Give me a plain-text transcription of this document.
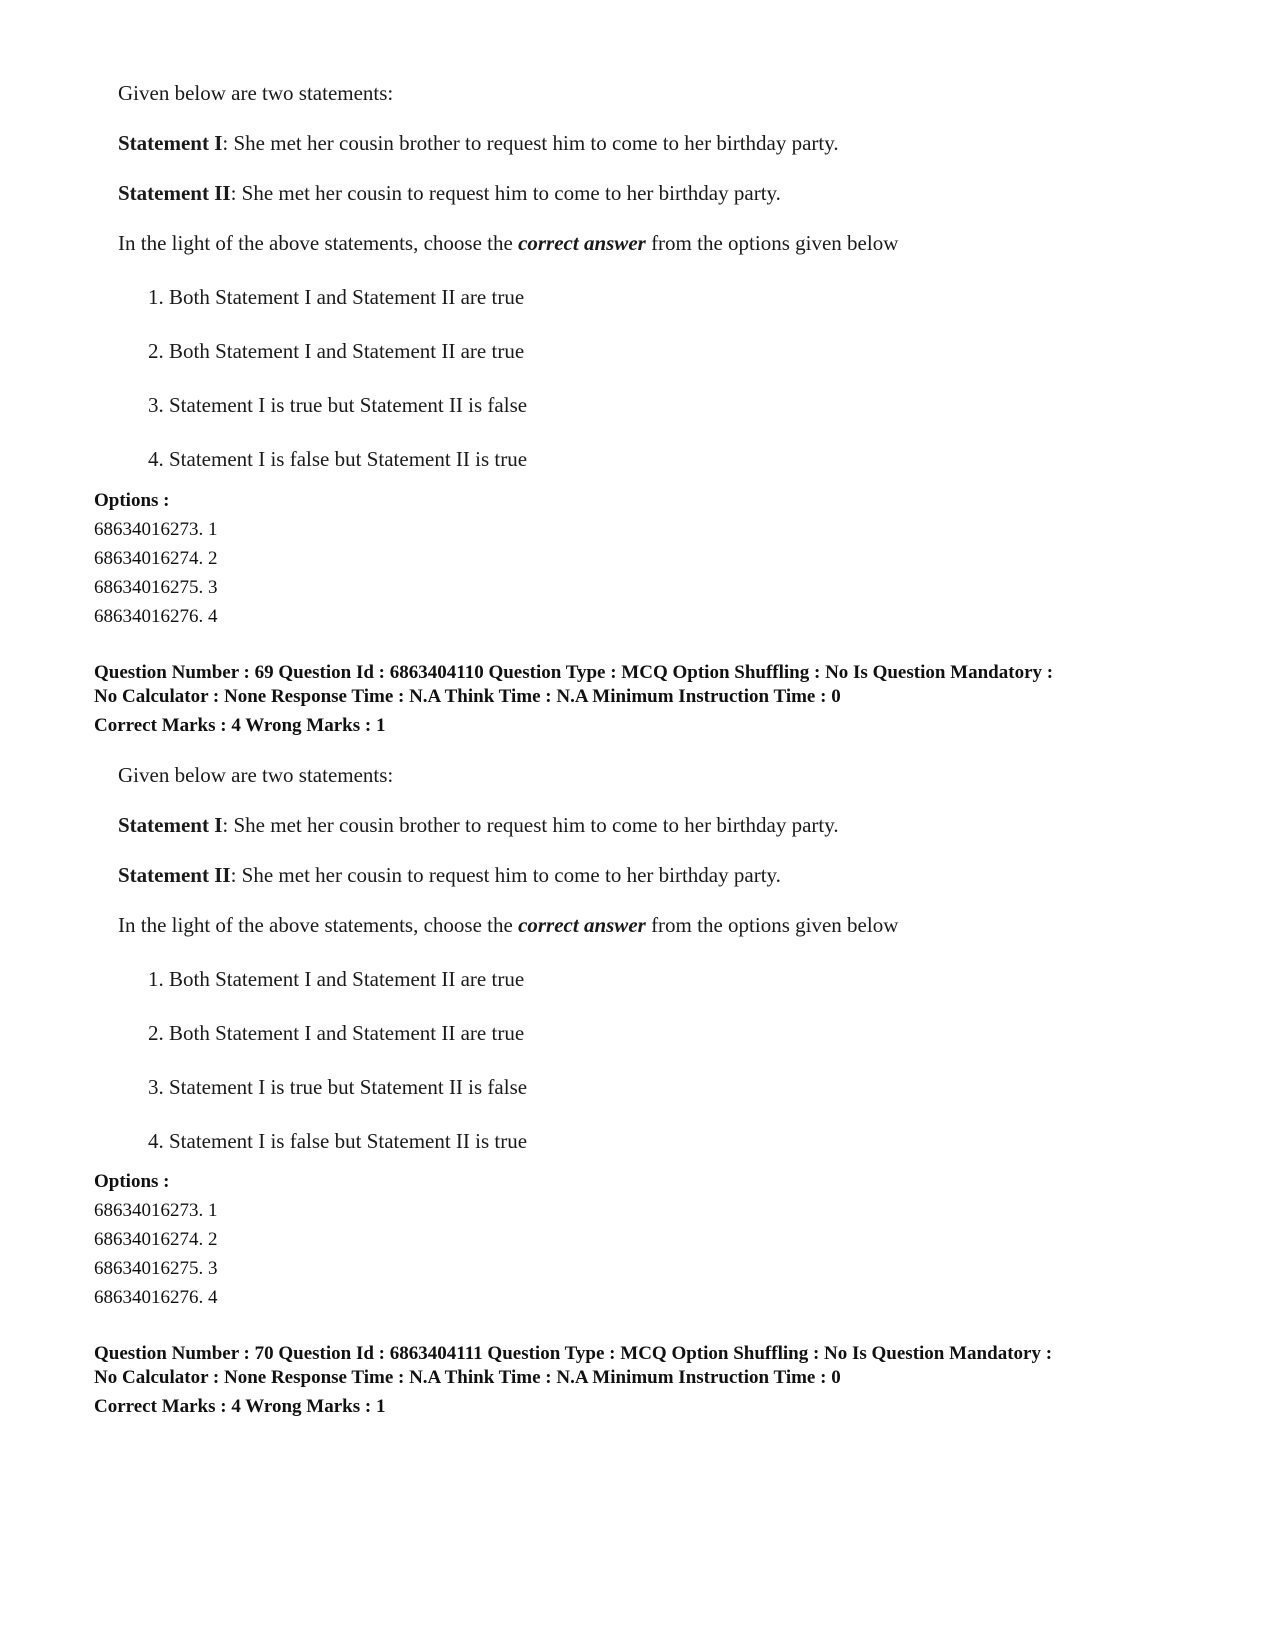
Given below are two statements:

Statement I: She met her cousin brother to request him to come to her birthday party.

Statement II: She met her cousin to request him to come to her birthday party.

In the light of the above statements, choose the correct answer from the options given below

1. Both Statement I and Statement II are true
2. Both Statement I and Statement II are true
3. Statement I is true but Statement II is false
4. Statement I is false but Statement II is true
Options :
68634016273. 1
68634016274. 2
68634016275. 3
68634016276. 4
Question Number : 69 Question Id : 6863404110 Question Type : MCQ Option Shuffling : No Is Question Mandatory :
No Calculator : None Response Time : N.A Think Time : N.A Minimum Instruction Time : 0
Correct Marks : 4 Wrong Marks : 1

Given below are two statements:

Statement I: She met her cousin brother to request him to come to her birthday party.

Statement II: She met her cousin to request him to come to her birthday party.

In the light of the above statements, choose the correct answer from the options given below

1. Both Statement I and Statement II are true
2. Both Statement I and Statement II are true
3. Statement I is true but Statement II is false
4. Statement I is false but Statement II is true
Options :
68634016273. 1
68634016274. 2
68634016275. 3
68634016276. 4
Question Number : 70 Question Id : 6863404111 Question Type : MCQ Option Shuffling : No Is Question Mandatory :
No Calculator : None Response Time : N.A Think Time : N.A Minimum Instruction Time : 0
Correct Marks : 4 Wrong Marks : 1
